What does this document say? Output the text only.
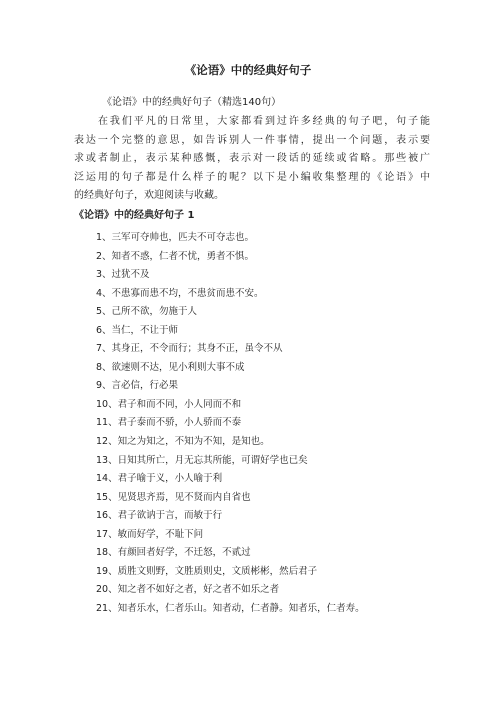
《论语》中的经典好句子
《论语》中的经典好句子（精选140句）
在我们平凡的日常里，大家都看到过许多经典的句子吧，句子能
表达一个完整的意思，如告诉别人一件事情，提出一个问题，表示要
求或者制止，表示某种感慨，表示对一段话的延续或省略。那些被广
泛运用的句子都是什么样子的呢？以下是小编收集整理的《论语》中
的经典好句子，欢迎阅读与收藏。
《论语》中的经典好句子 1
1、三军可夺帅也，匹夫不可夺志也。
2、知者不惑，仁者不忧，勇者不惧。
3、过犹不及
4、不患寡而患不均，不患贫而患不安。
5、己所不欲，勿施于人
6、当仁，不让于师
7、其身正，不令而行；其身不正，虽令不从
8、欲速则不达，见小利则大事不成
9、言必信，行必果
10、君子和而不同，小人同而不和
11、君子泰而不骄，小人骄而不泰
12、知之为知之，不知为不知，是知也。
13、日知其所亡，月无忘其所能，可谓好学也已矣
14、君子喻于义，小人喻于利
15、见贤思齐焉，见不贤而内自省也
16、君子欲讷于言，而敏于行
17、敏而好学，不耻下问
18、有颜回者好学，不迁怒，不贰过
19、质胜文则野，文胜质则史，文质彬彬，然后君子
20、知之者不如好之者，好之者不如乐之者
21、知者乐水，仁者乐山。知者动，仁者静。知者乐，仁者寿。
